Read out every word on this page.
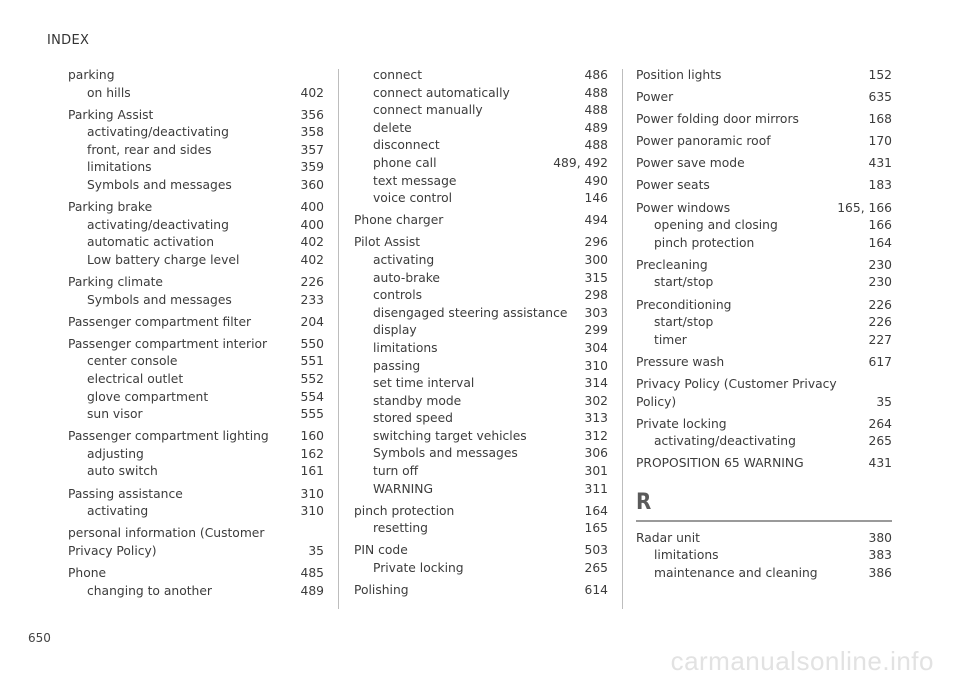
INDEX
parking
on hills	402
Parking Assist	356
activating/deactivating	358
front, rear and sides	357
limitations	359
Symbols and messages	360
Parking brake	400
activating/deactivating	400
automatic activation	402
Low battery charge level	402
Parking climate	226
Symbols and messages	233
Passenger compartment filter	204
Passenger compartment interior	550
center console	551
electrical outlet	552
glove compartment	554
sun visor	555
Passenger compartment lighting	160
adjusting	162
auto switch	161
Passing assistance	310
activating	310
personal information (Customer Privacy Policy)	35
Phone	485
changing to another	489
connect	486
connect automatically	488
connect manually	488
delete	489
disconnect	488
phone call	489, 492
text message	490
voice control	146
Phone charger	494
Pilot Assist	296
activating	300
auto-brake	315
controls	298
disengaged steering assistance	303
display	299
limitations	304
passing	310
set time interval	314
standby mode	302
stored speed	313
switching target vehicles	312
Symbols and messages	306
turn off	301
WARNING	311
pinch protection	164
resetting	165
PIN code	503
Private locking	265
Polishing	614
Position lights	152
Power	635
Power folding door mirrors	168
Power panoramic roof	170
Power save mode	431
Power seats	183
Power windows	165, 166
opening and closing	166
pinch protection	164
Precleaning	230
start/stop	230
Preconditioning	226
start/stop	226
timer	227
Pressure wash	617
Privacy Policy (Customer Privacy Policy)	35
Private locking	264
activating/deactivating	265
PROPOSITION 65 WARNING	431
R
Radar unit	380
limitations	383
maintenance and cleaning	386
650
carmanualsonline.info
